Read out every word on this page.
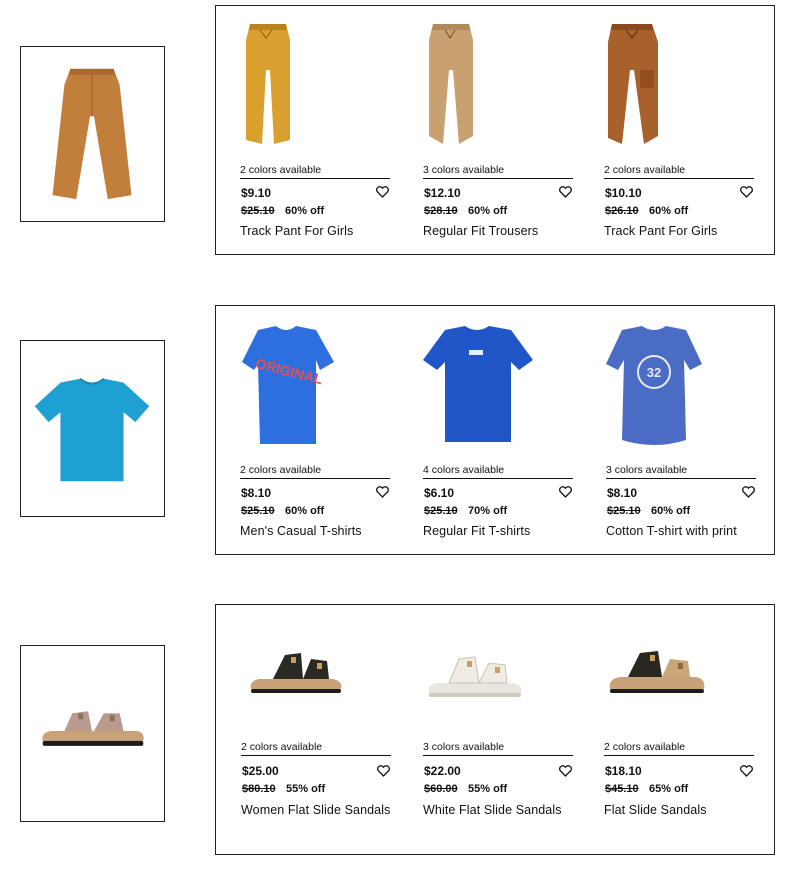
2 colors available
$9.10
$25.10 60% off
Track Pant For Girls
3 colors available
$12.10
$28.10 60% off
Regular Fit Trousers
2 colors available
$10.10
$26.10 60% off
Track Pant For Girls
ORIGINAL
2 colors available
$8.10
$25.10 60% off
Men's Casual T-shirts
4 colors available
$6.10
$25.10 70% off
Regular Fit T-shirts
32
3 colors available
$8.10
$25.10 60% off
Cotton T-shirt with print
2 colors available
$25.00
$80.10 55% off
Women Flat Slide Sandals
3 colors available
$22.00
$60.00 55% off
White Flat Slide Sandals
2 colors available
$18.10
$45.10 65% off
Flat Slide Sandals
